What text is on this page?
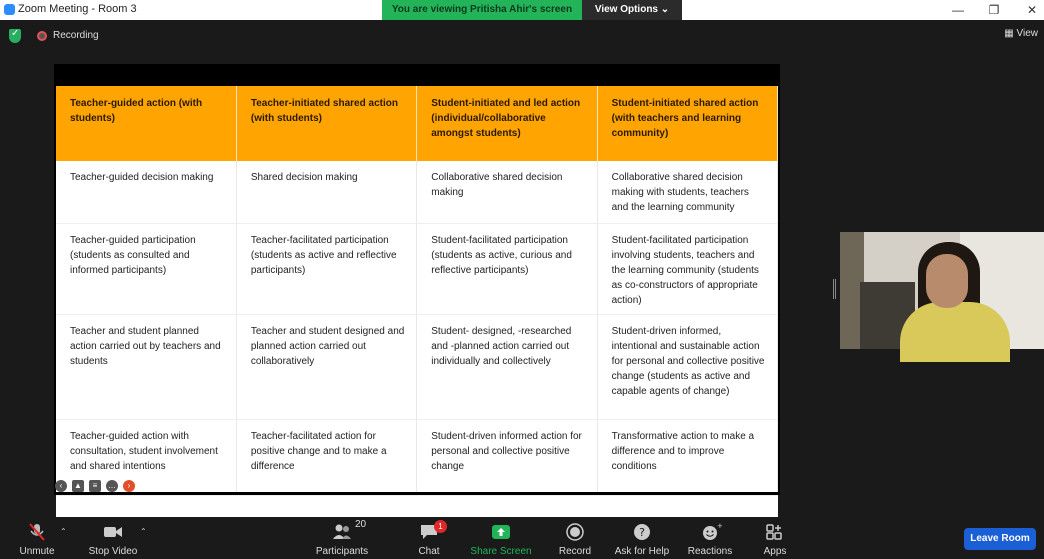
Zoom Meeting - Room 3	You are viewing Pritisha Ahir's screen	View Options ⌄	—	❐	✕
✓
Recording	▦ View
Teacher-guided action (with students)	Teacher-initiated shared action (with students)	Student-initiated and led action (individual/collaborative amongst students)	Student-initiated shared action (with teachers and learning community)
Teacher-guided decision making	Shared decision making	Collaborative shared decision making	Collaborative shared decision making with students, teachers and the learning community
Teacher-guided participation (students as consulted and informed participants)	Teacher-facilitated participation (students as active and reflective participants)	Student-facilitated participation (students as active, curious and reflective participants)	Student-facilitated participation involving students, teachers and the learning community (students as co-constructors of appropriate action)
Teacher and student planned action carried out by teachers and students	Teacher and student designed and planned action carried out collaboratively	Student- designed, -researched and -planned action carried out individually and collectively	Student-driven informed, intentional and sustainable action for personal and collective positive change (students as active and capable agents of change)
Teacher-guided action with consultation, student involvement and shared intentions	Teacher-facilitated action for positive change and to make a difference	Student-driven informed action for personal and collective positive change	Transformative action to make a difference and to improve conditions
‹	▲	≡	…	›
Unmute
⌃
Stop Video
⌃
20
Participants
1
Chat	Share Screen	Record
?
Ask for Help
+
Reactions	Apps
Leave Room
